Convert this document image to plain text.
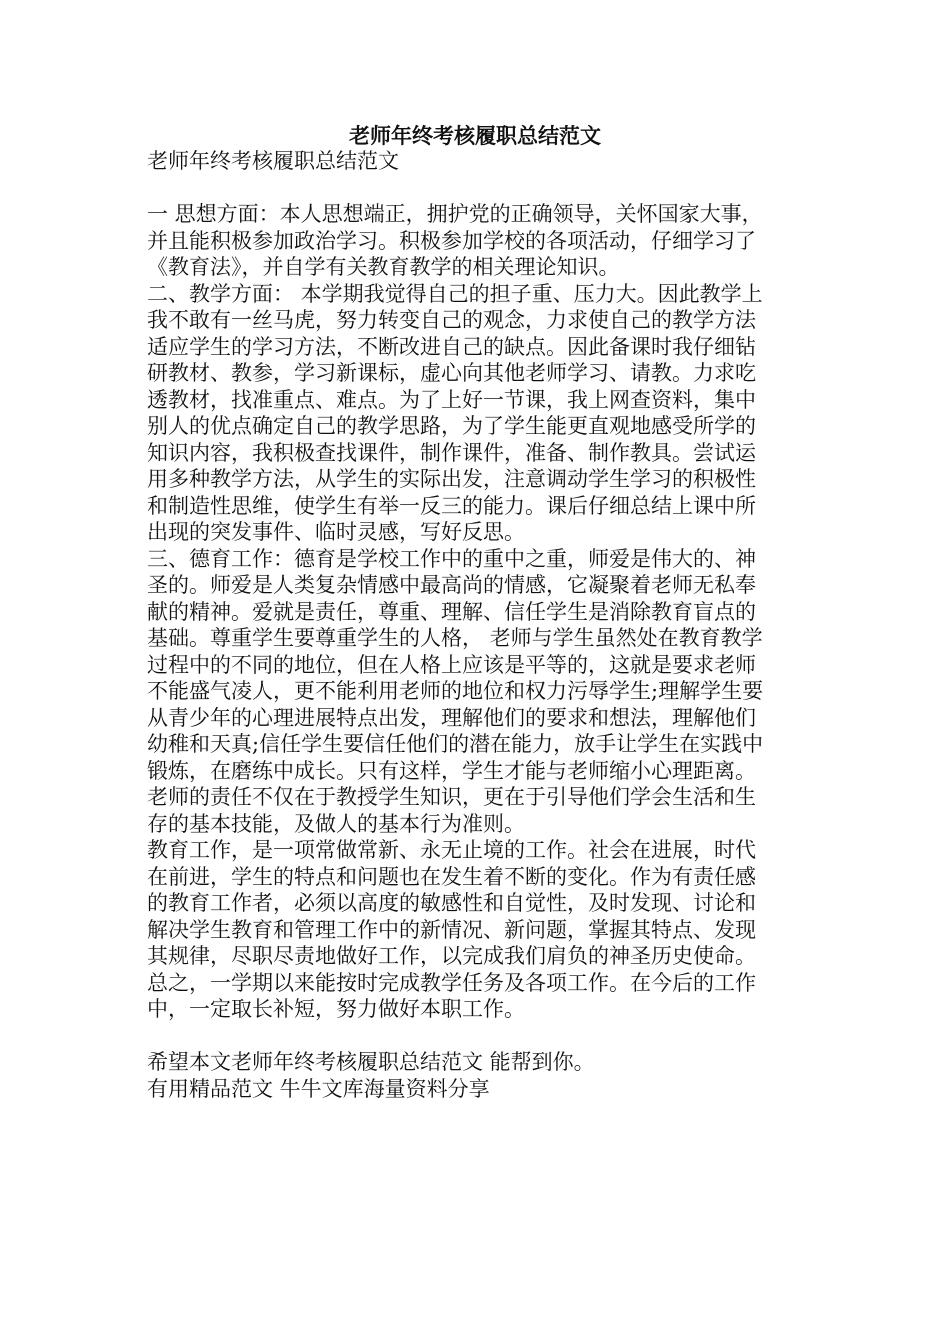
老师年终考核履职总结范文
老师年终考核履职总结范文
一 思想方面：本人思想端正，拥护党的正确领导，关怀国家大事，
并且能积极参加政治学习。积极参加学校的各项活动，仔细学习了
《教育法》，并自学有关教育教学的相关理论知识。
二、教学方面： 本学期我觉得自己的担子重、压力大。因此教学上
我不敢有一丝马虎，努力转变自己的观念，力求使自己的教学方法
适应学生的学习方法，不断改进自己的缺点。因此备课时我仔细钻
研教材、教参，学习新课标，虚心向其他老师学习、请教。力求吃
透教材，找准重点、难点。为了上好一节课，我上网查资料，集中
别人的优点确定自己的教学思路，为了学生能更直观地感受所学的
知识内容，我积极查找课件，制作课件，准备、制作教具。尝试运
用多种教学方法，从学生的实际出发，注意调动学生学习的积极性
和制造性思维，使学生有举一反三的能力。课后仔细总结上课中所
出现的突发事件、临时灵感，写好反思。
三、德育工作：德育是学校工作中的重中之重，师爱是伟大的、神
圣的。师爱是人类复杂情感中最高尚的情感，它凝聚着老师无私奉
献的精神。爱就是责任，尊重、理解、信任学生是消除教育盲点的
基础。尊重学生要尊重学生的人格， 老师与学生虽然处在教育教学
过程中的不同的地位，但在人格上应该是平等的，这就是要求老师
不能盛气凌人，更不能利用老师的地位和权力污辱学生;理解学生要
从青少年的心理进展特点出发，理解他们的要求和想法，理解他们
幼稚和天真;信任学生要信任他们的潜在能力，放手让学生在实践中
锻炼，在磨练中成长。只有这样，学生才能与老师缩小心理距离。
老师的责任不仅在于教授学生知识，更在于引导他们学会生活和生
存的基本技能，及做人的基本行为准则。
教育工作，是一项常做常新、永无止境的工作。社会在进展，时代
在前进，学生的特点和问题也在发生着不断的变化。作为有责任感
的教育工作者，必须以高度的敏感性和自觉性，及时发现、讨论和
解决学生教育和管理工作中的新情况、新问题，掌握其特点、发现
其规律，尽职尽责地做好工作，以完成我们肩负的神圣历史使命。
总之，一学期以来能按时完成教学任务及各项工作。在今后的工作
中，一定取长补短，努力做好本职工作。
希望本文老师年终考核履职总结范文 能帮到你。
有用精品范文 牛牛文库海量资料分享
